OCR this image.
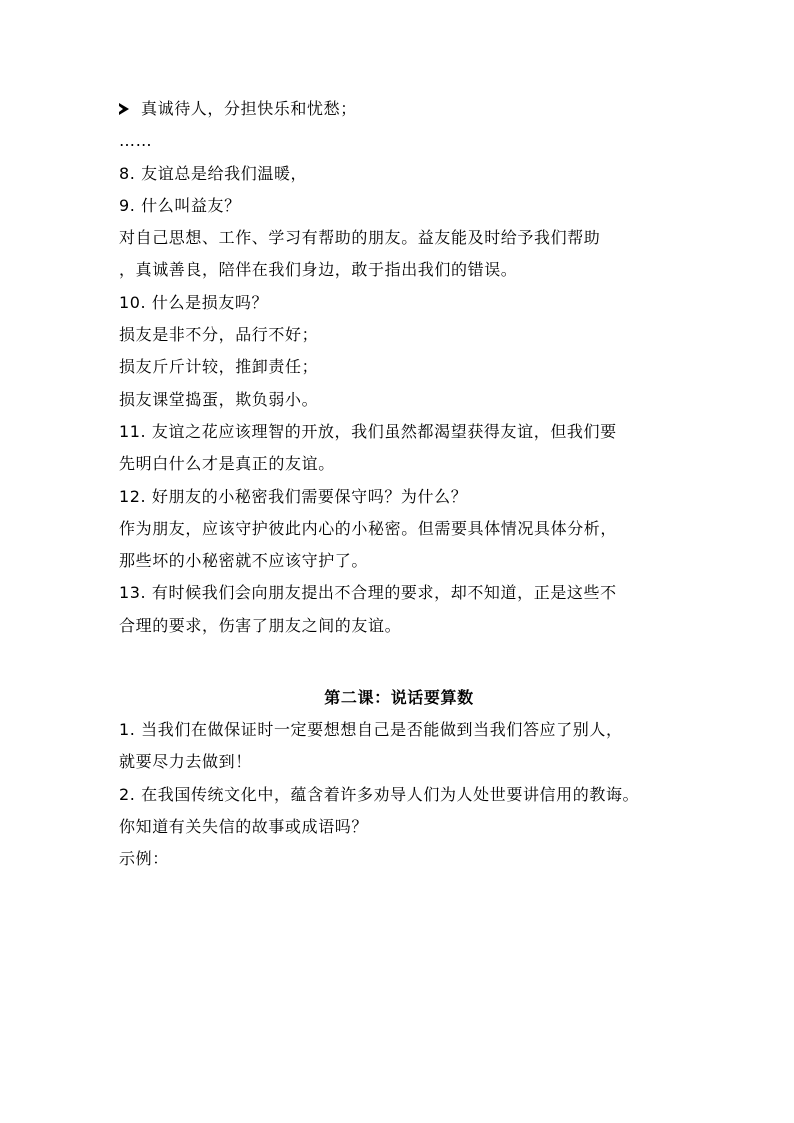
真诚待人，分担快乐和忧愁；
……
8. 友谊总是给我们温暖，
9. 什么叫益友？
对自己思想、工作、学习有帮助的朋友。益友能及时给予我们帮助
，真诚善良，陪伴在我们身边，敢于指出我们的错误。
10. 什么是损友吗？
损友是非不分，品行不好；
损友斤斤计较，推卸责任；
损友课堂捣蛋，欺负弱小。
11. 友谊之花应该理智的开放，我们虽然都渴望获得友谊，但我们要
先明白什么才是真正的友谊。
12. 好朋友的小秘密我们需要保守吗？为什么？
作为朋友，应该守护彼此内心的小秘密。但需要具体情况具体分析，
那些坏的小秘密就不应该守护了。
13. 有时候我们会向朋友提出不合理的要求，却不知道，正是这些不
合理的要求，伤害了朋友之间的友谊。
第二课：说话要算数
1. 当我们在做保证时一定要想想自己是否能做到当我们答应了别人，
就要尽力去做到！
2. 在我国传统文化中，蕴含着许多劝导人们为人处世要讲信用的教诲。
你知道有关失信的故事或成语吗？
示例：
